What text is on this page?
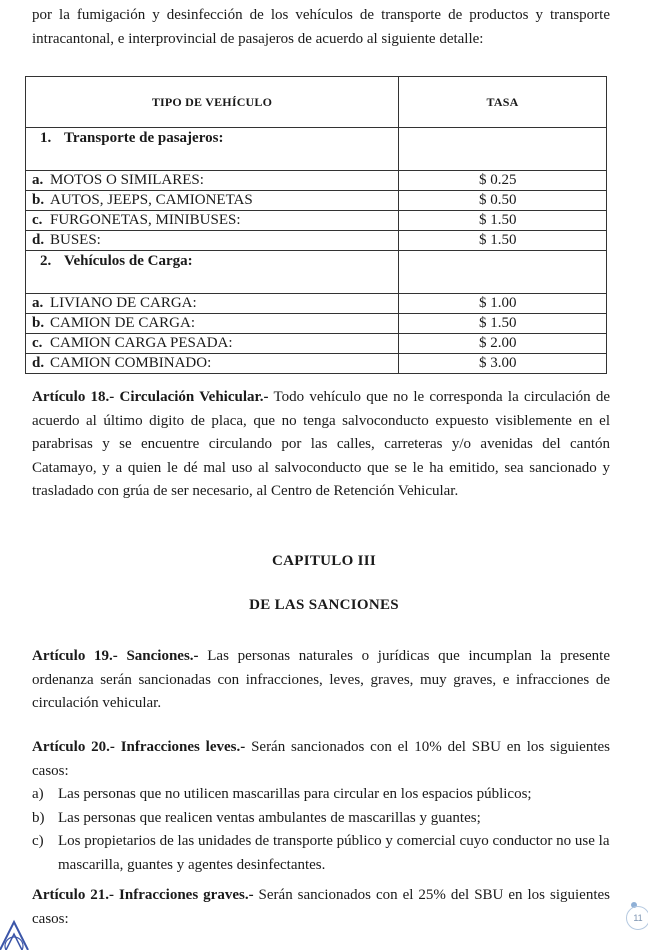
por la fumigación y desinfección de los vehículos de transporte de productos y transporte intracantonal, e interprovincial de pasajeros de acuerdo al siguiente detalle:
TIPO DE VEHÍCULO	TASA
1. Transporte de pasajeros:	
a. MOTOS O SIMILARES:	$ 0.25
b. AUTOS, JEEPS, CAMIONETAS	$ 0.50
c. FURGONETAS, MINIBUSES:	$ 1.50
d. BUSES:	$ 1.50
2. Vehículos de Carga:	
a. LIVIANO DE CARGA:	$ 1.00
b. CAMION DE CARGA:	$ 1.50
c. CAMION CARGA PESADA:	$ 2.00
d. CAMION COMBINADO:	$ 3.00
Artículo 18.- Circulación Vehicular.- Todo vehículo que no le corresponda la circulación de acuerdo al último digito de placa, que no tenga salvoconducto expuesto visiblemente en el parabrisas y se encuentre circulando por las calles, carreteras y/o avenidas del cantón Catamayo, y a quien le dé mal uso al salvoconducto que se le ha emitido, sea sancionado y trasladado con grúa de ser necesario, al Centro de Retención Vehicular.
CAPITULO III
DE LAS SANCIONES
Artículo 19.- Sanciones.- Las personas naturales o jurídicas que incumplan la presente ordenanza serán sancionadas con infracciones, leves, graves, muy graves, e infracciones de circulación vehicular.
Artículo 20.- Infracciones leves.- Serán sancionados con el 10% del SBU en los siguientes casos:
a) Las personas que no utilicen mascarillas para circular en los espacios públicos;
b) Las personas que realicen ventas ambulantes de mascarillas y guantes;
c) Los propietarios de las unidades de transporte público y comercial cuyo conductor no use la mascarilla, guantes y agentes desinfectantes.
Artículo 21.- Infracciones graves.- Serán sancionados con el 25% del SBU en los siguientes casos:	11
